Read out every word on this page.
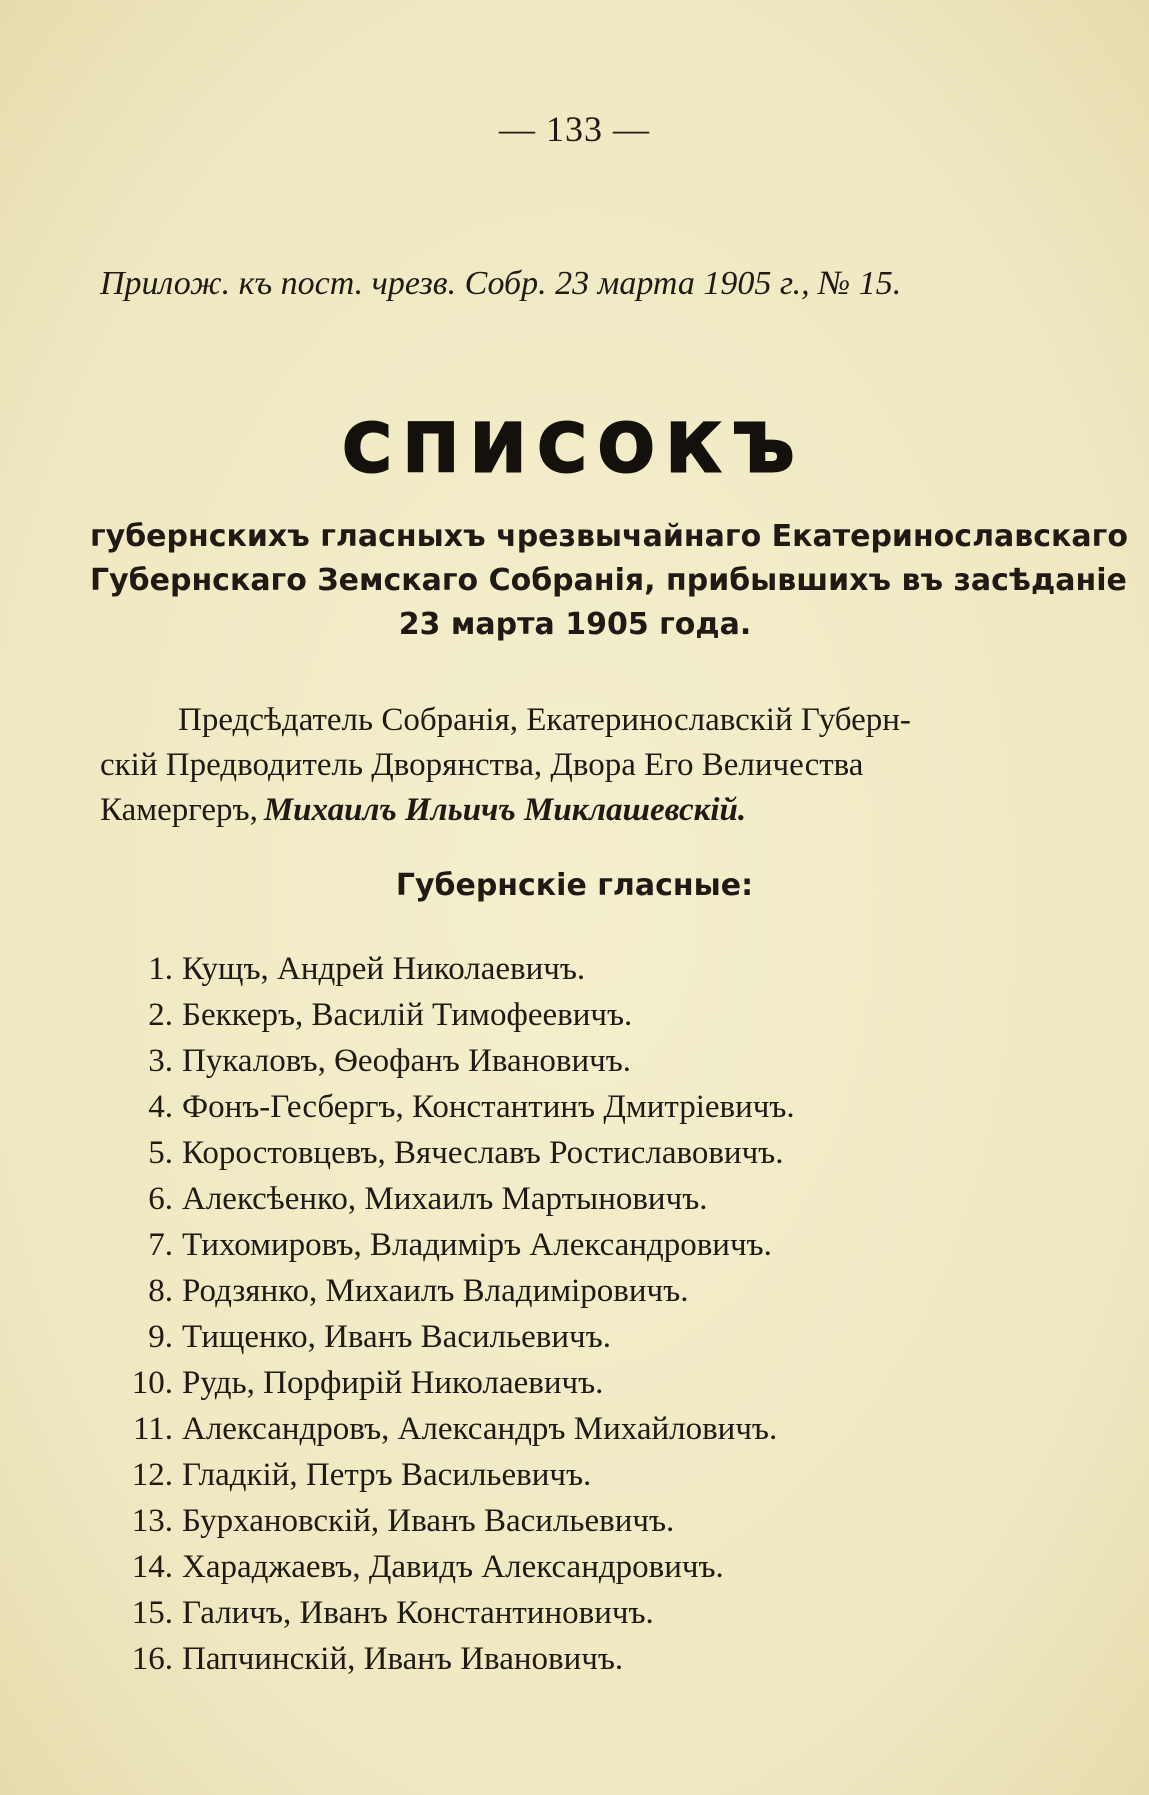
— 133 —
Прилож. къ пост. чрезв. Собр. 23 марта 1905 г., № 15.
СПИСОКЪ
губернскихъ гласныхъ чрезвычайнаго Екатеринославскаго
Губернскаго Земскаго Собранія, прибывшихъ въ засѣданіе
23 марта 1905 года.
Предсѣдатель Собранія, Екатеринославскій Губерн-
скій Предводитель Дворянства, Двора Его Величества
Камергеръ, Михаилъ Ильичъ Миклашевскій.
Губернскіе гласные:
1. Кущъ, Андрей Николаевичъ.
2. Беккеръ, Василій Тимофеевичъ.
3. Пукаловъ, Ѳеофанъ Ивановичъ.
4. Фонъ-Гесбергъ, Константинъ Дмитріевичъ.
5. Коростовцевъ, Вячеславъ Ростиславовичъ.
6. Алексѣенко, Михаилъ Мартыновичъ.
7. Тихомировъ, Владиміръ Александровичъ.
8. Родзянко, Михаилъ Владиміровичъ.
9. Тищенко, Иванъ Васильевичъ.
10. Рудь, Порфирій Николаевичъ.
11. Александровъ, Александръ Михайловичъ.
12. Гладкій, Петръ Васильевичъ.
13. Бурхановскій, Иванъ Васильевичъ.
14. Хараджаевъ, Давидъ Александровичъ.
15. Галичъ, Иванъ Константиновичъ.
16. Папчинскій, Иванъ Ивановичъ.
